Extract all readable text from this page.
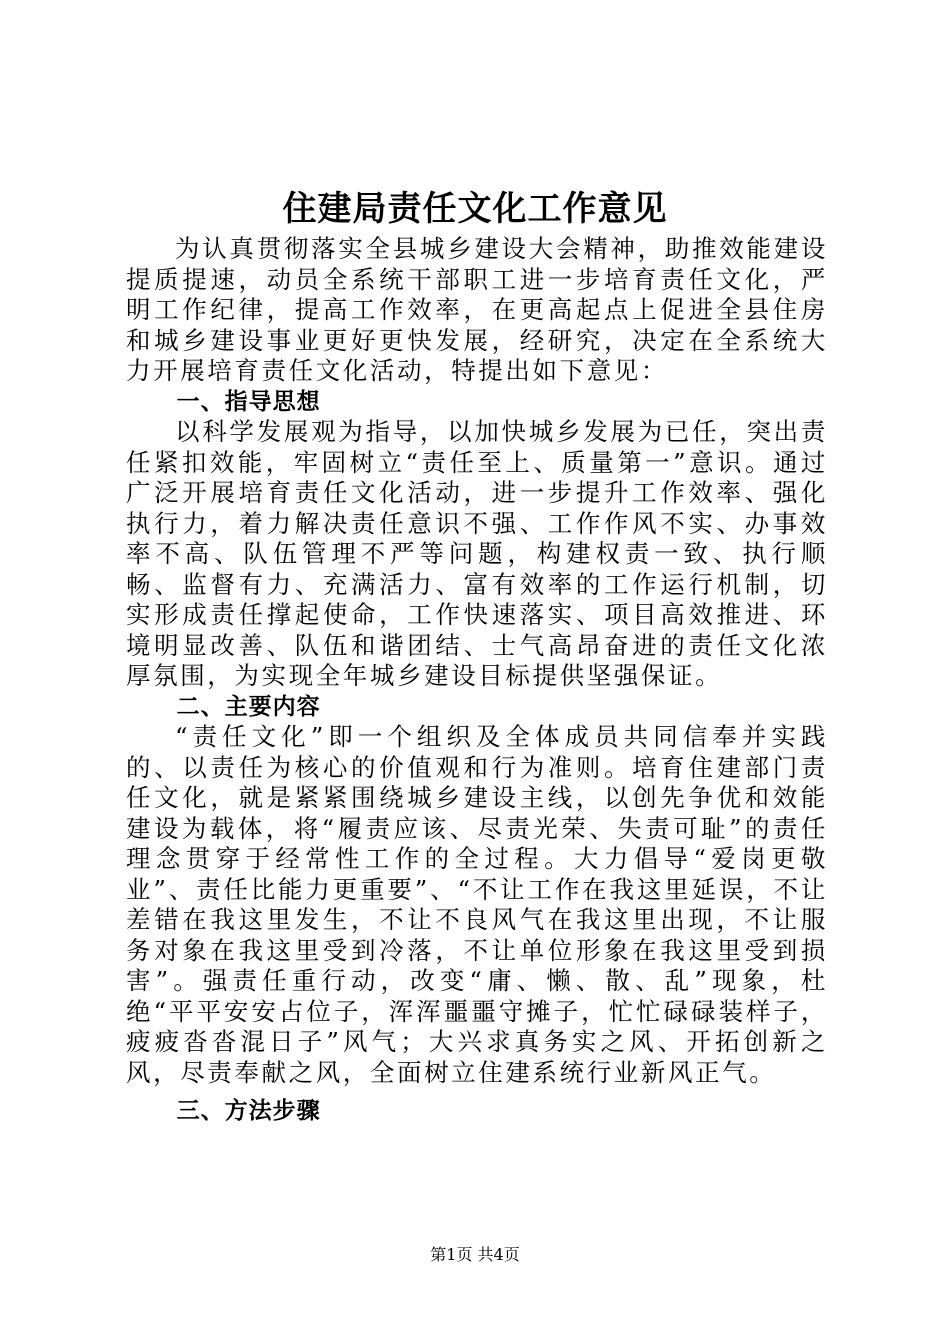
住建局责任文化工作意见

为认真贯彻落实全县城乡建设大会精神，助推效能建设提质提速，动员全系统干部职工进一步培育责任文化，严明工作纪律，提高工作效率，在更高起点上促进全县住房和城乡建设事业更好更快发展，经研究，决定在全系统大力开展培育责任文化活动，特提出如下意见：

一、指导思想

以科学发展观为指导，以加快城乡发展为已任，突出责任紧扣效能，牢固树立“责任至上、质量第一”意识。通过广泛开展培育责任文化活动，进一步提升工作效率、强化执行力，着力解决责任意识不强、工作作风不实、办事效率不高、队伍管理不严等问题，构建权责一致、执行顺畅、监督有力、充满活力、富有效率的工作运行机制，切实形成责任撑起使命，工作快速落实、项目高效推进、环境明显改善、队伍和谐团结、士气高昂奋进的责任文化浓厚氛围，为实现全年城乡建设目标提供坚强保证。

二、主要内容

“责任文化”即一个组织及全体成员共同信奉并实践的、以责任为核心的价值观和行为准则。培育住建部门责任文化，就是紧紧围绕城乡建设主线，以创先争优和效能建设为载体，将“履责应该、尽责光荣、失责可耻”的责任理念贯穿于经常性工作的全过程。大力倡导“爱岗更敬业”、责任比能力更重要”、“不让工作在我这里延误，不让差错在我这里发生，不让不良风气在我这里出现，不让服务对象在我这里受到冷落，不让单位形象在我这里受到损害”。强责任重行动，改变“庸、懒、散、乱”现象，杜绝“平平安安占位子，浑浑噩噩守摊子，忙忙碌碌装样子，疲疲沓沓混日子”风气；大兴求真务实之风、开拓创新之风，尽责奉献之风，全面树立住建系统行业新风正气。

三、方法步骤

第1页 共4页
